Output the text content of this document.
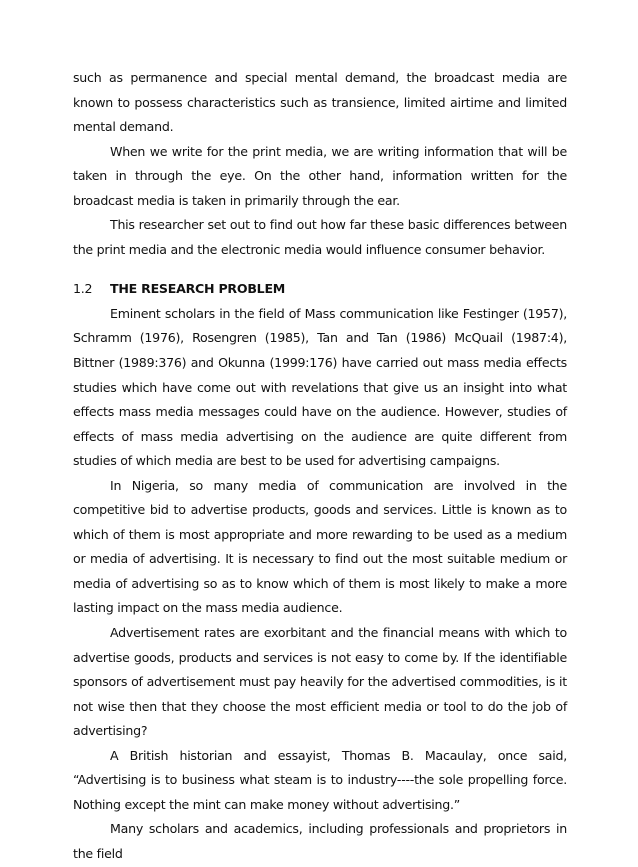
such as permanence and special mental demand, the broadcast media are known to possess characteristics such as transience, limited airtime and limited mental demand.

When we write for the print media, we are writing information that will be taken in through the eye. On the other hand, information written for the broadcast media is taken in primarily through the ear.

This researcher set out to find out how far these basic differences between the print media and the electronic media would influence consumer behavior.

1.2 THE RESEARCH PROBLEM

Eminent scholars in the field of Mass communication like Festinger (1957), Schramm (1976), Rosengren (1985), Tan and Tan (1986) McQuail (1987:4), Bittner (1989:376) and Okunna (1999:176) have carried out mass media effects studies which have come out with revelations that give us an insight into what effects mass media messages could have on the audience. However, studies of effects of mass media advertising on the audience are quite different from studies of which media are best to be used for advertising campaigns.

In Nigeria, so many media of communication are involved in the competitive bid to advertise products, goods and services. Little is known as to which of them is most appropriate and more rewarding to be used as a medium or media of advertising. It is necessary to find out the most suitable medium or media of advertising so as to know which of them is most likely to make a more lasting impact on the mass media audience.

Advertisement rates are exorbitant and the financial means with which to advertise goods, products and services is not easy to come by. If the identifiable sponsors of advertisement must pay heavily for the advertised commodities, is it not wise then that they choose the most efficient media or tool to do the job of advertising?

A British historian and essayist, Thomas B. Macaulay, once said, “Advertising is to business what steam is to industry----the sole propelling force. Nothing except the mint can make money without advertising.”

Many scholars and academics, including professionals and proprietors in the field
